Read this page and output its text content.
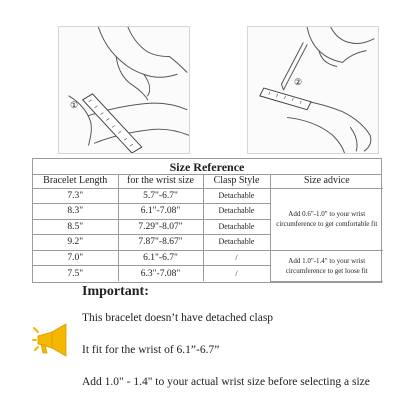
①
②
Size Reference
Bracelet Length	for the wrist size	Clasp Style	Size advice
7.3"	5.7"-6.7"	Detachable	Add 0.6"-1.0" to your wrist circumference to get comfortable fit
8.3"	6.1"-7.08"	Detachable	
8.5"	7.29"-8.07"	Detachable	
9.2"	7.87"-8.67"	Detachable	
7.0"	6.1"-6.7"	/	Add 1.0"-1.4" to your wrist circumference to get loose fit
7.5"	6.3"-7.08"	/	
Important:
This bracelet doesn’t have detached clasp
It fit for the wrist of 6.1”-6.7”
Add 1.0" - 1.4" to your actual wrist size before selecting a size
